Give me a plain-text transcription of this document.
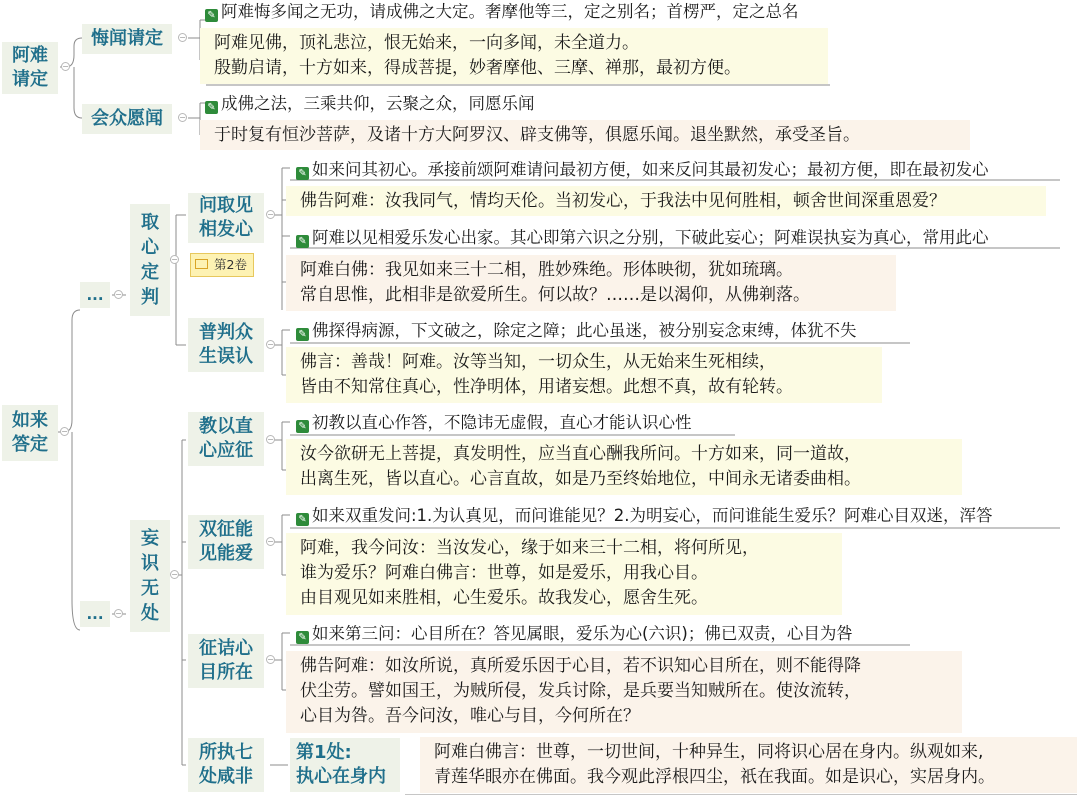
阿难
请定
−
如来
答定
−
悔闻请定	−
✎ 阿难悔多闻之无功，请成佛之大定。奢摩他等三，定之别名；首楞严，定之总名
阿难见佛，顶礼悲泣，恨无始来，一向多闻，未全道力。
殷勤启请，十方如来，得成菩提，妙奢摩他、三摩、禅那，最初方便。
会众愿闻	−
✎ 成佛之法，三乘共仰，云聚之众，同愿乐闻
于时复有恒沙菩萨，及诸十方大阿罗汉、辟支佛等，俱愿乐闻。退坐默然，承受圣旨。
...	−
...	−
取
心
定
判
−
妄
识
无
处
−
问取见
相发心
第2卷
−
✎ 如来问其初心。承接前颂阿难请问最初方便，如来反问其最初发心；最初方便，即在最初发心
佛告阿难：汝我同气，情均天伦。当初发心，于我法中见何胜相，顿舍世间深重恩爱？
✎ 阿难以见相爱乐发心出家。其心即第六识之分别，下破此妄心；阿难误执妄为真心，常用此心
阿难白佛：我见如来三十二相，胜妙殊绝。形体映彻，犹如琉璃。
常自思惟，此相非是欲爱所生。何以故？……是以渴仰，从佛剃落。
普判众
生误认
−
✎ 佛探得病源，下文破之，除定之障；此心虽迷，被分别妄念束缚，体犹不失
佛言：善哉！阿难。汝等当知，一切众生，从无始来生死相续，
皆由不知常住真心，性净明体，用诸妄想。此想不真，故有轮转。
教以直
心应征
−
✎ 初教以直心作答，不隐讳无虚假，直心才能认识心性
汝今欲研无上菩提，真发明性，应当直心酬我所问。十方如来，同一道故，
出离生死，皆以直心。心言直故，如是乃至终始地位，中间永无诸委曲相。
双征能
见能爱
−
✎ 如来双重发问:1.为认真见，而问谁能见？2.为明妄心，而问谁能生爱乐？阿难心目双迷，浑答
阿难，我今问汝：当汝发心，缘于如来三十二相，将何所见，
谁为爱乐？阿难白佛言：世尊，如是爱乐，用我心目。
由目观见如来胜相，心生爱乐。故我发心，愿舍生死。
征诘心
目所在
−
✎ 如来第三问：心目所在？答见属眼，爱乐为心(六识)；佛已双责，心目为咎
佛告阿难：如汝所说，真所爱乐因于心目，若不识知心目所在，则不能得降
伏尘劳。譬如国王，为贼所侵，发兵讨除，是兵要当知贼所在。使汝流转，
心目为咎。吾今问汝，唯心与目，今何所在？
所执七
处咸非
第1处:
执心在身内
阿难白佛言：世尊，一切世间，十种异生，同将识心居在身内。纵观如来,
青莲华眼亦在佛面。我今观此浮根四尘，祇在我面。如是识心，实居身内。
